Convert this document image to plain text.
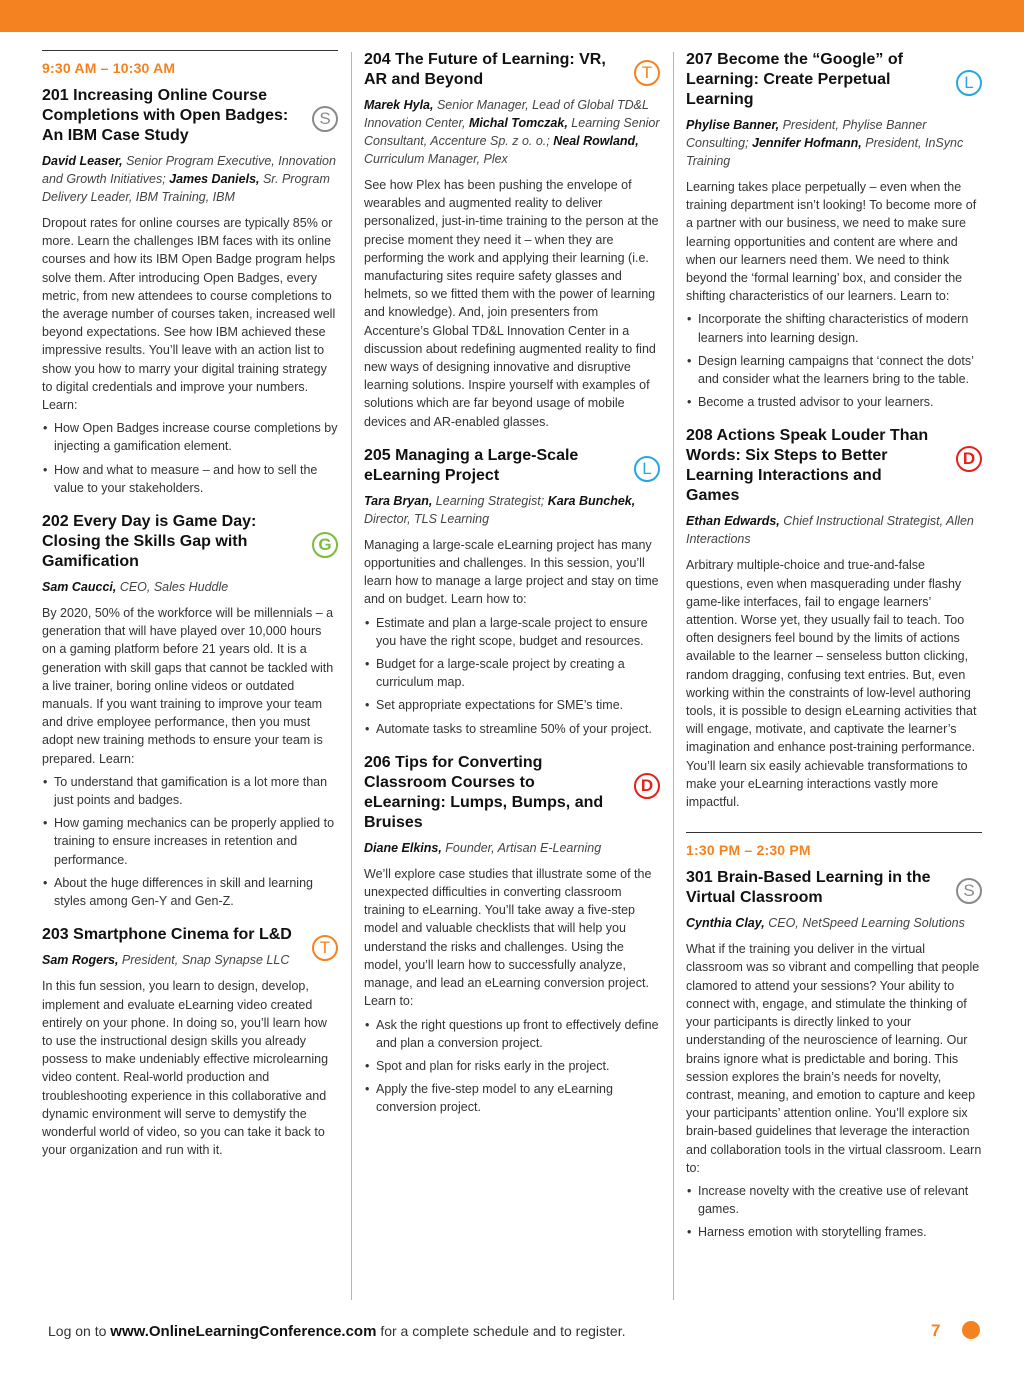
9:30 AM – 10:30 AM
S
201 Increasing Online Course Completions with Open Badges: An IBM Case Study
David Leaser, Senior Program Executive, Innovation and Growth Initiatives; James Daniels, Sr. Program Delivery Leader, IBM Training, IBM

Dropout rates for online courses are typically 85% or more. Learn the challenges IBM faces with its online courses and how its IBM Open Badge program helps solve them. After introducing Open Badges, every metric, from new attendees to course completions to the average number of courses taken, increased well beyond expectations. See how IBM achieved these impressive results. You’ll leave with an action list to show you how to marry your digital training strategy to digital credentials and improve your numbers. Learn:

• How Open Badges increase course completions by injecting a gamification element.
• How and what to measure – and how to sell the value to your stakeholders.
G
202 Every Day is Game Day: Closing the Skills Gap with Gamification
Sam Caucci, CEO, Sales Huddle

By 2020, 50% of the workforce will be millennials – a generation that will have played over 10,000 hours on a gaming platform before 21 years old. It is a generation with skill gaps that cannot be tackled with a live trainer, boring online videos or outdated manuals. If you want training to improve your team and drive employee performance, then you must adopt new training methods to ensure your team is prepared. Learn:

• To understand that gamification is a lot more than just points and badges.
• How gaming mechanics can be properly applied to training to ensure increases in retention and performance.
• About the huge differences in skill and learning styles among Gen-Y and Gen-Z.
T
203 Smartphone Cinema for L&D
Sam Rogers, President, Snap Synapse LLC

In this fun session, you learn to design, develop, implement and evaluate eLearning video created entirely on your phone. In doing so, you’ll learn how to use the instructional design skills you already possess to make undeniably effective microlearning video content. Real-world production and troubleshooting experience in this collaborative and dynamic environment will serve to demystify the wonderful world of video, so you can take it back to your organization and run with it.

T
204 The Future of Learning: VR, AR and Beyond
Marek Hyla, Senior Manager, Lead of Global TD&L Innovation Center, Michal Tomczak, Learning Senior Consultant, Accenture Sp. z o. o.; Neal Rowland, Curriculum Manager, Plex

See how Plex has been pushing the envelope of wearables and augmented reality to deliver personalized, just-in-time training to the person at the precise moment they need it – when they are performing the work and applying their learning (i.e. manufacturing sites require safety glasses and helmets, so we fitted them with the power of learning and knowledge). And, join presenters from Accenture’s Global TD&L Innovation Center in a discussion about redefining augmented reality to find new ways of designing innovative and disruptive learning solutions. Inspire yourself with examples of solutions which are far beyond usage of mobile devices and AR-enabled glasses.

L
205 Managing a Large-Scale eLearning Project
Tara Bryan, Learning Strategist; Kara Bunchek, Director, TLS Learning

Managing a large-scale eLearning project has many opportunities and challenges. In this session, you’ll learn how to manage a large project and stay on time and on budget. Learn how to:

• Estimate and plan a large-scale project to ensure you have the right scope, budget and resources.
• Budget for a large-scale project by creating a curriculum map.
• Set appropriate expectations for SME’s time.
• Automate tasks to streamline 50% of your project.
D
206 Tips for Converting Classroom Courses to eLearning: Lumps, Bumps, and Bruises
Diane Elkins, Founder, Artisan E-Learning

We’ll explore case studies that illustrate some of the unexpected difficulties in converting classroom training to eLearning. You’ll take away a five-step model and valuable checklists that will help you understand the risks and challenges. Using the model, you’ll learn how to successfully analyze, manage, and lead an eLearning conversion project. Learn to:

• Ask the right questions up front to effectively define and plan a conversion project.
• Spot and plan for risks early in the project.
• Apply the five-step model to any eLearning conversion project.
L
207 Become the “Google” of Learning: Create Perpetual Learning
Phylise Banner, President, Phylise Banner Consulting; Jennifer Hofmann, President, InSync Training

Learning takes place perpetually – even when the training department isn’t looking! To become more of a partner with our business, we need to make sure learning opportunities and content are where and when our learners need them. We need to think beyond the ‘formal learning’ box, and consider the shifting characteristics of our learners. Learn to:

• Incorporate the shifting characteristics of modern learners into learning design.
• Design learning campaigns that ‘connect the dots’ and consider what the learners bring to the table.
• Become a trusted advisor to your learners.
D
208 Actions Speak Louder Than Words: Six Steps to Better Learning Interactions and Games
Ethan Edwards, Chief Instructional Strategist, Allen Interactions

Arbitrary multiple-choice and true-and-false questions, even when masquerading under flashy game-like interfaces, fail to engage learners’ attention. Worse yet, they usually fail to teach. Too often designers feel bound by the limits of actions available to the learner – senseless button clicking, random dragging, confusing text entries. But, even working within the constraints of low-level authoring tools, it is possible to design eLearning activities that will engage, motivate, and captivate the learner’s imagination and enhance post-training performance. You’ll learn six easily achievable transformations to make your eLearning interactions vastly more impactful.

1:30 PM – 2:30 PM
S
301 Brain-Based Learning in the Virtual Classroom
Cynthia Clay, CEO, NetSpeed Learning Solutions

What if the training you deliver in the virtual classroom was so vibrant and compelling that people clamored to attend your sessions? Your ability to connect with, engage, and stimulate the thinking of your participants is directly linked to your understanding of the neuroscience of learning. Our brains ignore what is predictable and boring. This session explores the brain’s needs for novelty, contrast, meaning, and emotion to capture and keep your participants’ attention online. You’ll explore six brain-based guidelines that leverage the interaction and collaboration tools in the virtual classroom. Learn to:

• Increase novelty with the creative use of relevant games.
• Harness emotion with storytelling frames.
Log on to www.OnlineLearningConference.com for a complete schedule and to register.	7
